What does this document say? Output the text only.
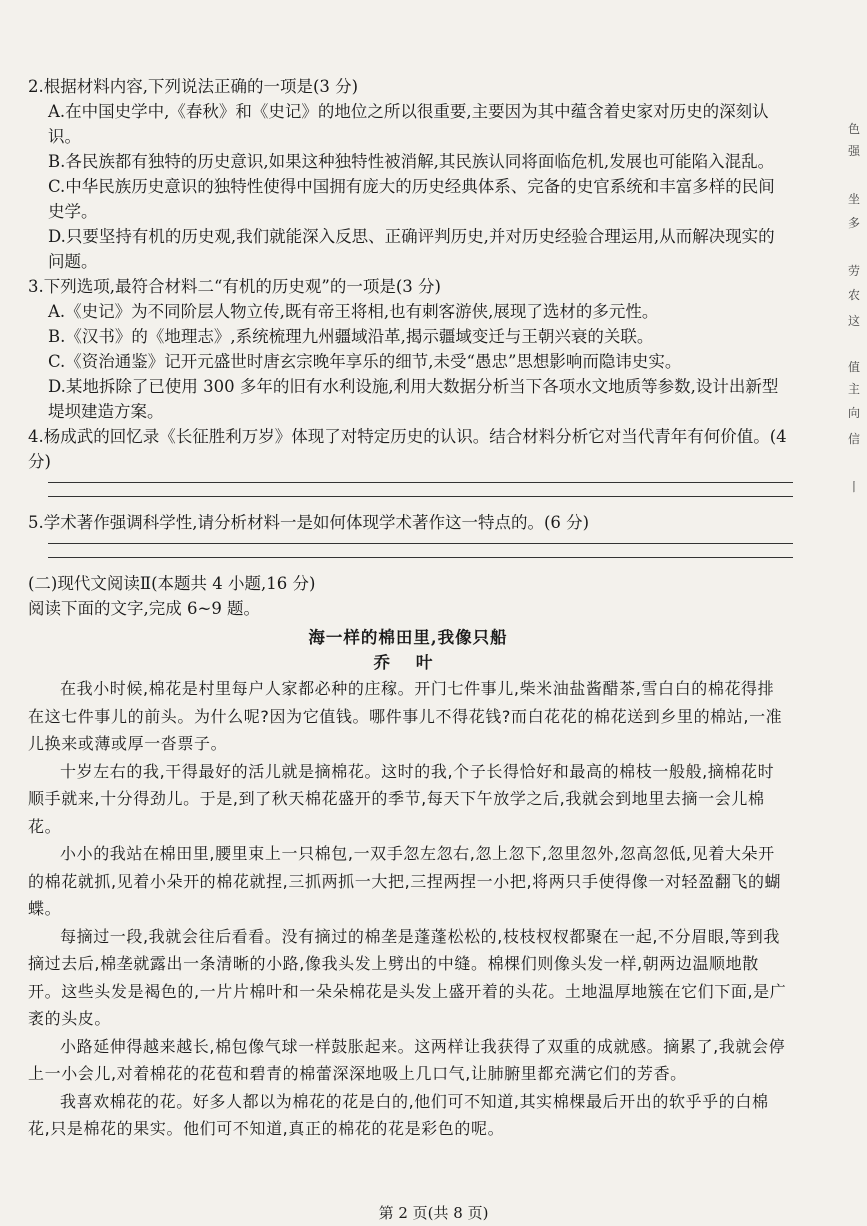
2.根据材料内容,下列说法正确的一项是(3 分)

A.在中国史学中,《春秋》和《史记》的地位之所以很重要,主要因为其中蕴含着史家对历史的深刻认识。

B.各民族都有独特的历史意识,如果这种独特性被消解,其民族认同将面临危机,发展也可能陷入混乱。

C.中华民族历史意识的独特性使得中国拥有庞大的历史经典体系、完备的史官系统和丰富多样的民间史学。

D.只要坚持有机的历史观,我们就能深入反思、正确评判历史,并对历史经验合理运用,从而解决现实的问题。

3.下列选项,最符合材料二“有机的历史观”的一项是(3 分)

A.《史记》为不同阶层人物立传,既有帝王将相,也有刺客游侠,展现了选材的多元性。

B.《汉书》的《地理志》,系统梳理九州疆域沿革,揭示疆域变迁与王朝兴衰的关联。

C.《资治通鉴》记开元盛世时唐玄宗晚年享乐的细节,未受“愚忠”思想影响而隐讳史实。

D.某地拆除了已使用 300 多年的旧有水利设施,利用大数据分析当下各项水文地质等参数,设计出新型堤坝建造方案。

4.杨成武的回忆录《长征胜利万岁》体现了对特定历史的认识。结合材料分析它对当代青年有何价值。(4 分)

5.学术著作强调科学性,请分析材料一是如何体现学术著作这一特点的。(6 分)

(二)现代文阅读Ⅱ(本题共 4 小题,16 分)

阅读下面的文字,完成 6~9 题。

海一样的棉田里,我像只船

乔 叶

在我小时候,棉花是村里每户人家都必种的庄稼。开门七件事儿,柴米油盐酱醋茶,雪白白的棉花得排在这七件事儿的前头。为什么呢?因为它值钱。哪件事儿不得花钱?而白花花的棉花送到乡里的棉站,一准儿换来或薄或厚一沓票子。

十岁左右的我,干得最好的活儿就是摘棉花。这时的我,个子长得恰好和最高的棉枝一般般,摘棉花时顺手就来,十分得劲儿。于是,到了秋天棉花盛开的季节,每天下午放学之后,我就会到地里去摘一会儿棉花。

小小的我站在棉田里,腰里束上一只棉包,一双手忽左忽右,忽上忽下,忽里忽外,忽高忽低,见着大朵开的棉花就抓,见着小朵开的棉花就捏,三抓两抓一大把,三捏两捏一小把,将两只手使得像一对轻盈翻飞的蝴蝶。

每摘过一段,我就会往后看看。没有摘过的棉垄是蓬蓬松松的,枝枝杈杈都聚在一起,不分眉眼,等到我摘过去后,棉垄就露出一条清晰的小路,像我头发上劈出的中缝。棉棵们则像头发一样,朝两边温顺地散开。这些头发是褐色的,一片片棉叶和一朵朵棉花是头发上盛开着的头花。土地温厚地簇在它们下面,是广袤的头皮。

小路延伸得越来越长,棉包像气球一样鼓胀起来。这两样让我获得了双重的成就感。摘累了,我就会停上一小会儿,对着棉花的花苞和碧青的棉蕾深深地吸上几口气,让肺腑里都充满它们的芳香。

我喜欢棉花的花。好多人都以为棉花的花是白的,他们可不知道,其实棉棵最后开出的软乎乎的白棉花,只是棉花的果实。他们可不知道,真正的棉花的花是彩色的呢。

第 2 页(共 8 页)
色
强
坐
多
劳
农
这
值
主
向
信
丨
